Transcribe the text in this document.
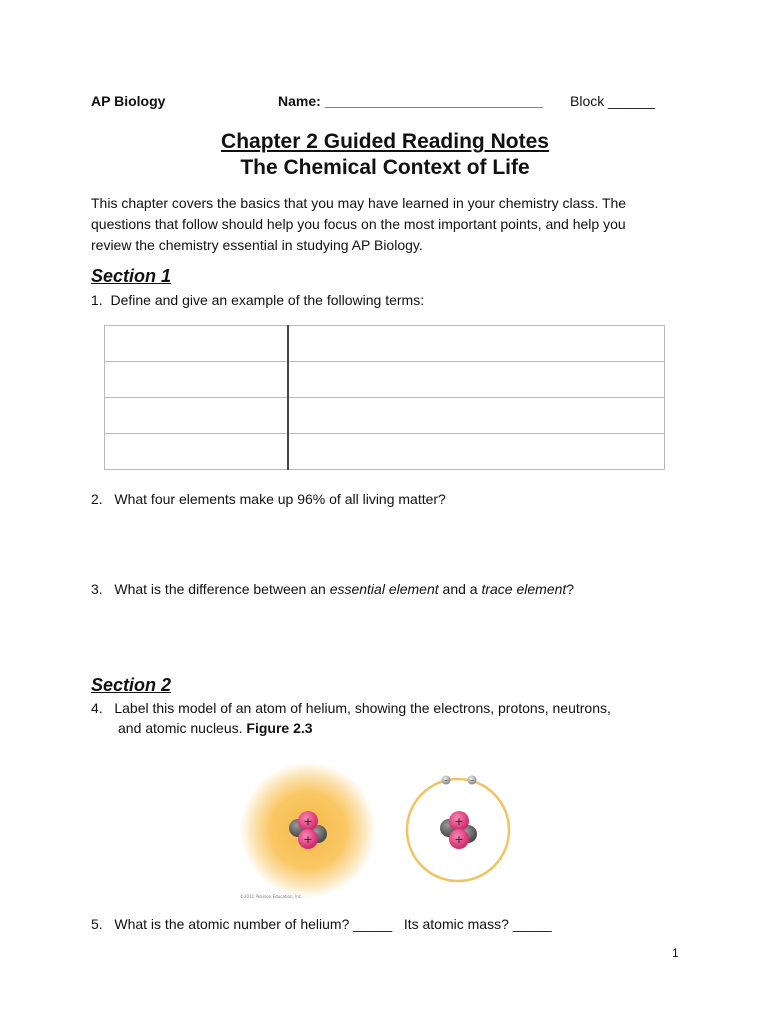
AP Biology	Name: ____________________________ Block ______
Chapter 2 Guided Reading Notes
The Chemical Context of Life
This chapter covers the basics that you may have learned in your chemistry class. The
questions that follow should help you focus on the most important points, and help you
review the chemistry essential in studying AP Biology.
Section 1
1. Define and give an example of the following terms:

2. What four elements make up 96% of all living matter?
3. What is the difference between an essential element and a trace element?
Section 2
4. Label this model of an atom of helium, showing the electrons, protons, neutrons,
and atomic nucleus. Figure 2.3
+
+
©2011 Pearson Education, Inc.
–	–
+
+
5. What is the atomic number of helium? _____   Its atomic mass? _____
1
